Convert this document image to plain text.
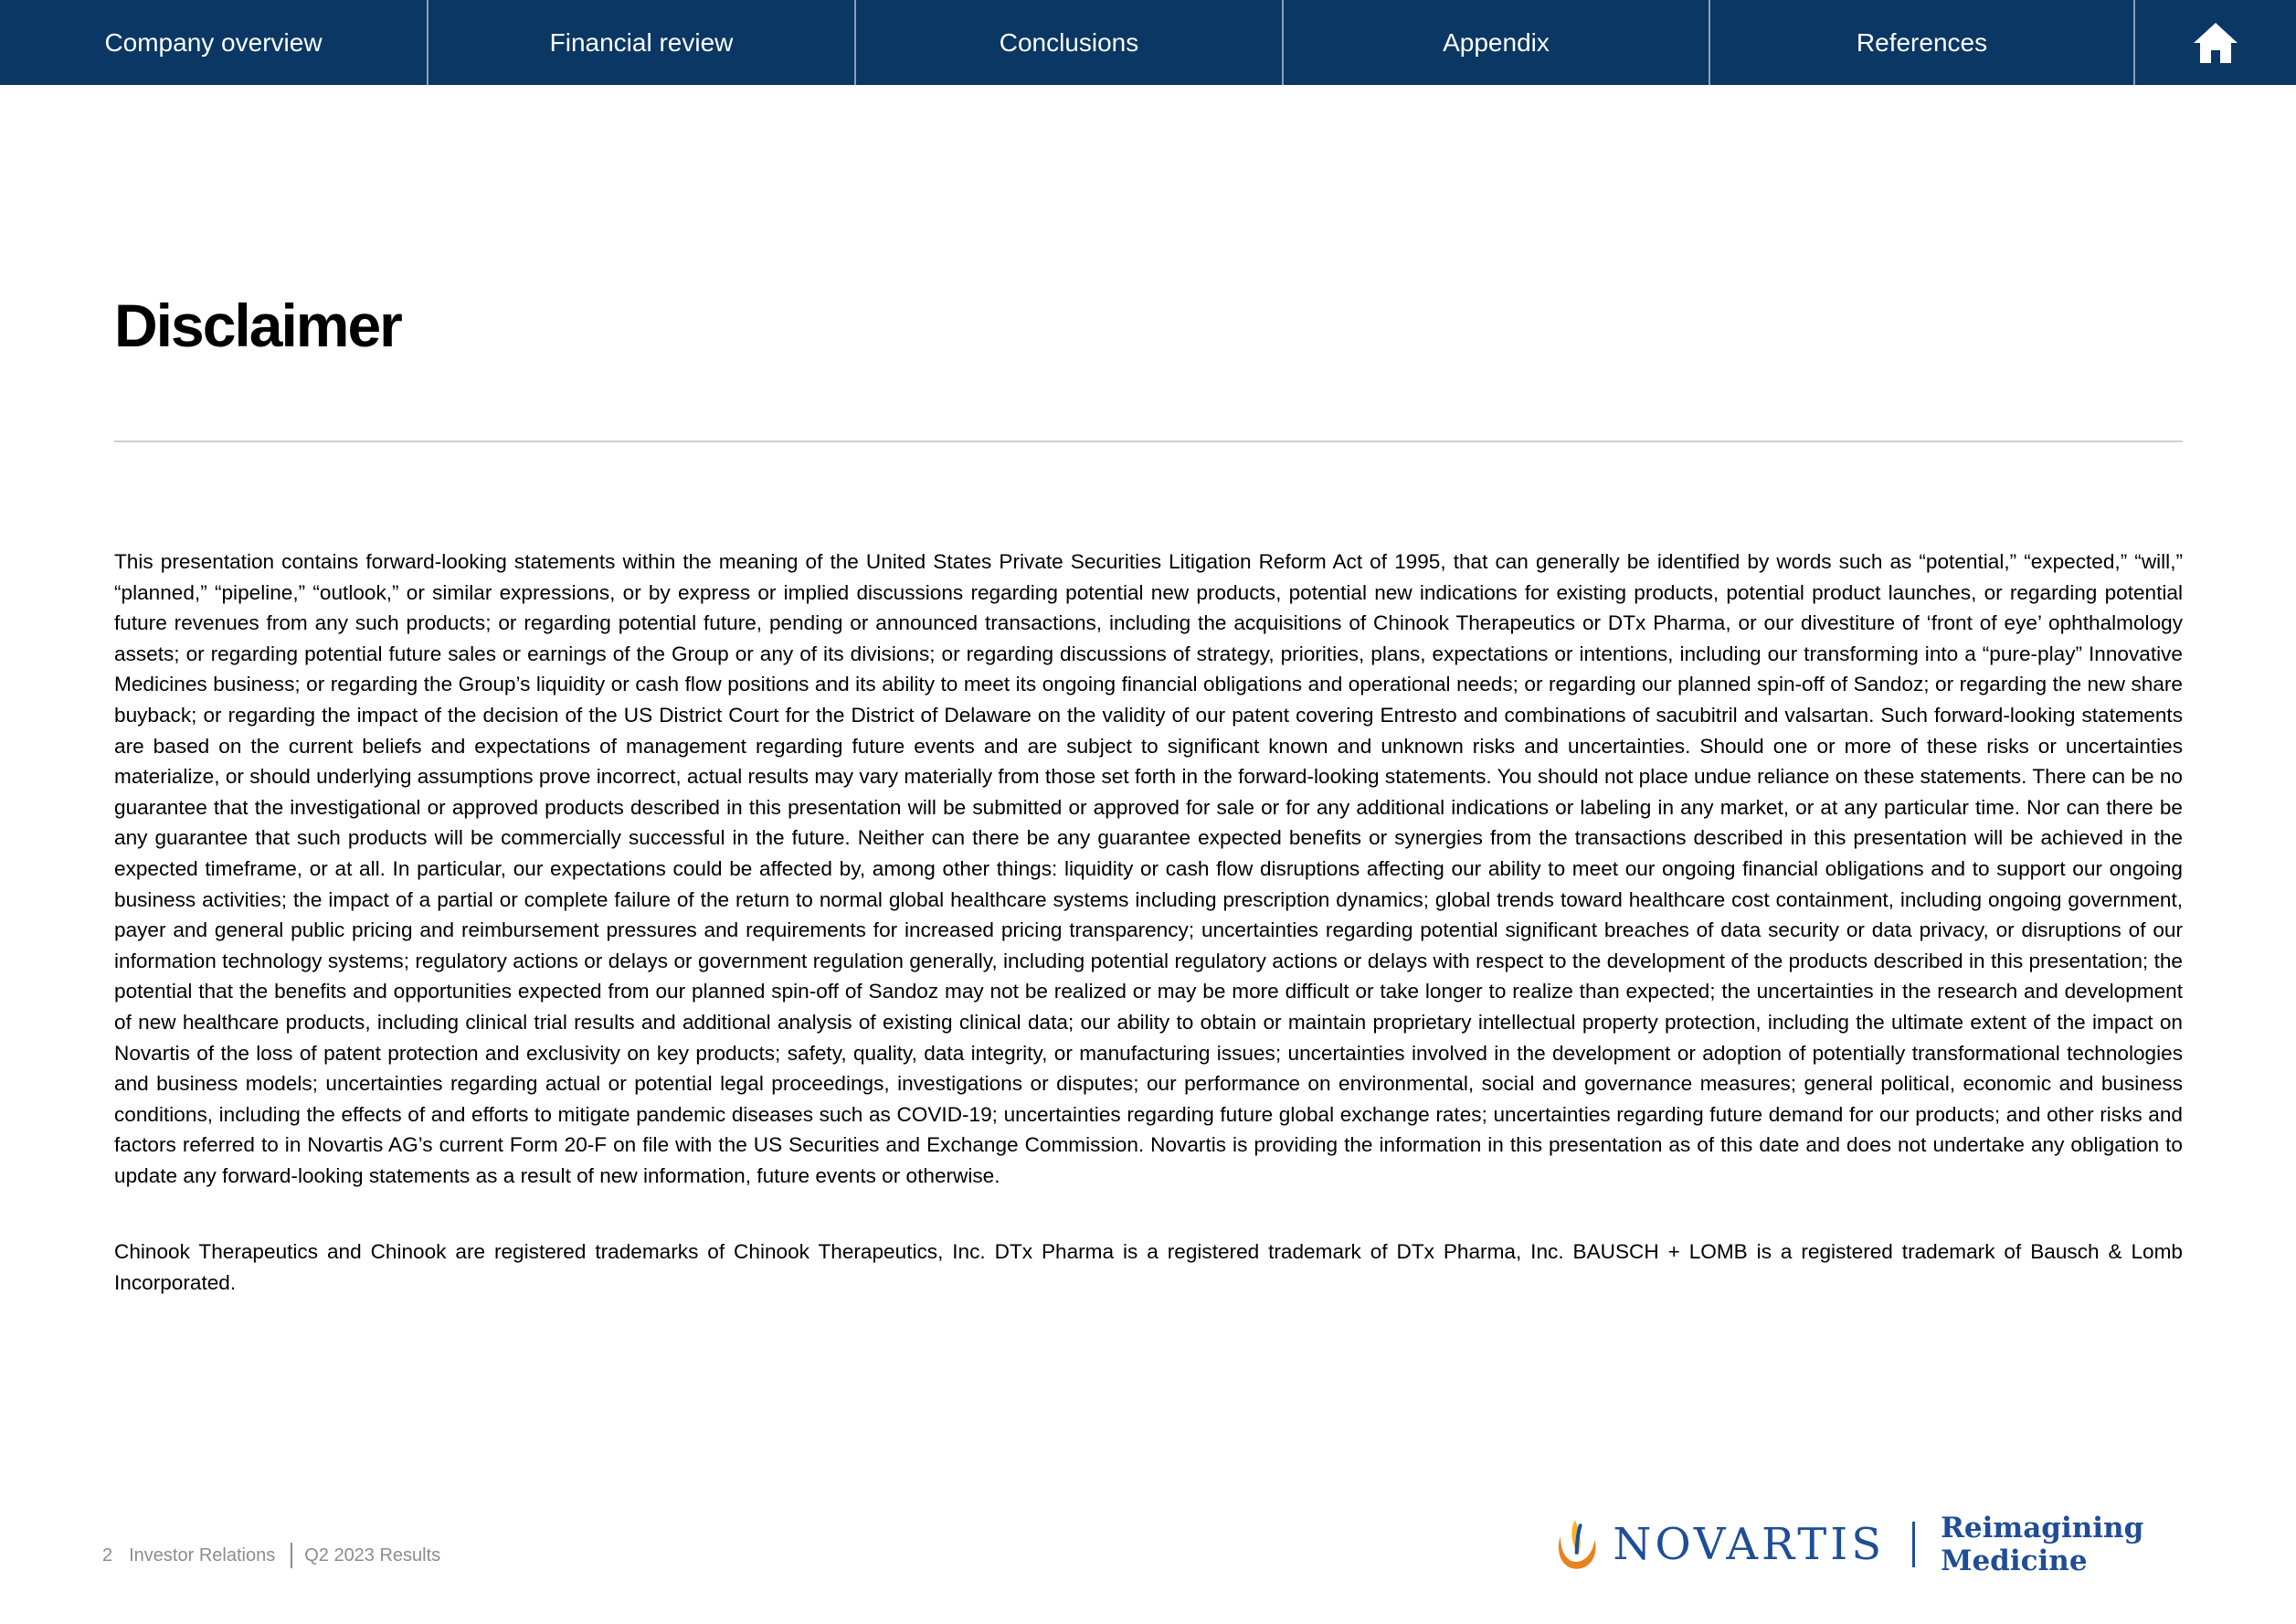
Company overview	Financial review	Conclusions	Appendix	References
Disclaimer

This presentation contains forward-looking statements within the meaning of the United States Private Securities Litigation Reform Act of 1995, that can generally be identified by words such as “potential,” “expected,” “will,” “planned,” “pipeline,” “outlook,” or similar expressions, or by express or implied discussions regarding potential new products, potential new indications for existing products, potential product launches, or regarding potential future revenues from any such products; or regarding potential future, pending or announced transactions, including the acquisitions of Chinook Therapeutics or DTx Pharma, or our divestiture of ‘front of eye’ ophthalmology assets; or regarding potential future sales or earnings of the Group or any of its divisions; or regarding discussions of strategy, priorities, plans, expectations or intentions, including our transforming into a “pure-play” Innovative Medicines business; or regarding the Group’s liquidity or cash flow positions and its ability to meet its ongoing financial obligations and operational needs; or regarding our planned spin-off of Sandoz; or regarding the new share buyback; or regarding the impact of the decision of the US District Court for the District of Delaware on the validity of our patent covering Entresto and combinations of sacubitril and valsartan. Such forward-looking statements are based on the current beliefs and expectations of management regarding future events and are subject to significant known and unknown risks and uncertainties. Should one or more of these risks or uncertainties materialize, or should underlying assumptions prove incorrect, actual results may vary materially from those set forth in the forward-looking statements. You should not place undue reliance on these statements. There can be no guarantee that the investigational or approved products described in this presentation will be submitted or approved for sale or for any additional indications or labeling in any market, or at any particular time. Nor can there be any guarantee that such products will be commercially successful in the future. Neither can there be any guarantee expected benefits or synergies from the transactions described in this presentation will be achieved in the expected timeframe, or at all. In particular, our expectations could be affected by, among other things: liquidity or cash flow disruptions affecting our ability to meet our ongoing financial obligations and to support our ongoing business activities; the impact of a partial or complete failure of the return to normal global healthcare systems including prescription dynamics; global trends toward healthcare cost containment, including ongoing government, payer and general public pricing and reimbursement pressures and requirements for increased pricing transparency; uncertainties regarding potential significant breaches of data security or data privacy, or disruptions of our information technology systems; regulatory actions or delays or government regulation generally, including potential regulatory actions or delays with respect to the development of the products described in this presentation; the potential that the benefits and opportunities expected from our planned spin-off of Sandoz may not be realized or may be more difficult or take longer to realize than expected; the uncertainties in the research and development of new healthcare products, including clinical trial results and additional analysis of existing clinical data; our ability to obtain or maintain proprietary intellectual property protection, including the ultimate extent of the impact on Novartis of the loss of patent protection and exclusivity on key products; safety, quality, data integrity, or manufacturing issues; uncertainties involved in the development or adoption of potentially transformational technologies and business models; uncertainties regarding actual or potential legal proceedings, investigations or disputes; our performance on environmental, social and governance measures; general political, economic and business conditions, including the effects of and efforts to mitigate pandemic diseases such as COVID-19; uncertainties regarding future global exchange rates; uncertainties regarding future demand for our products; and other risks and factors referred to in Novartis AG’s current Form 20-F on file with the US Securities and Exchange Commission. Novartis is providing the information in this presentation as of this date and does not undertake any obligation to update any forward-looking statements as a result of new information, future events or otherwise.

Chinook Therapeutics and Chinook are registered trademarks of Chinook Therapeutics, Inc. DTx Pharma is a registered trademark of DTx Pharma, Inc. BAUSCH + LOMB is a registered trademark of Bausch & Lomb Incorporated.

2 Investor Relations Q2 2023 Results	NOVARTIS Reimagining Medicine
